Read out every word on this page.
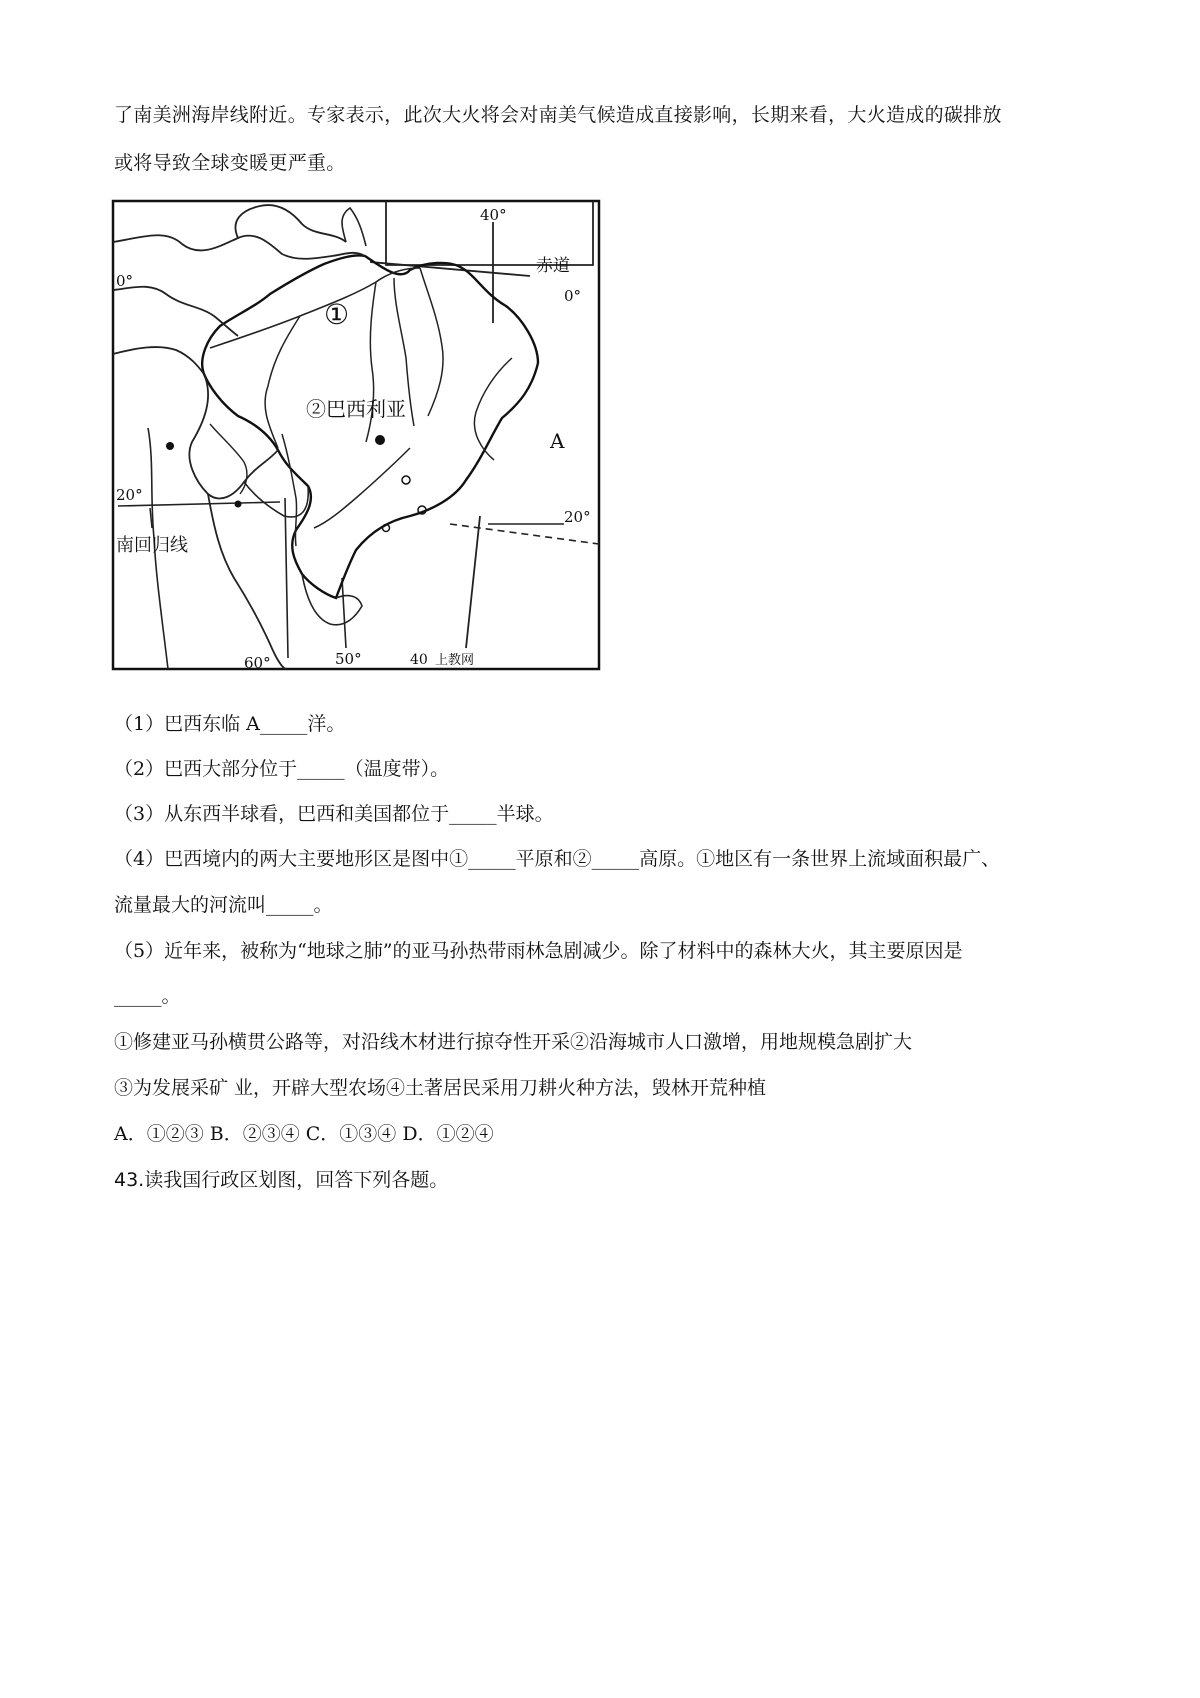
了南美洲海岸线附近。专家表示，此次大火将会对南美气候造成直接影响，长期来看，大火造成的碳排放
或将导致全球变暖更严重。
40°
赤道
0°
0°
①
②巴西利亚
A
20°
20°
南回归线
60°	50°	40 上教网
（1）巴西东临 A_____洋。
（2）巴西大部分位于_____（温度带）。
（3）从东西半球看，巴西和美国都位于_____半球。
（4）巴西境内的两大主要地形区是图中①_____平原和②_____高原。①地区有一条世界上流域面积最广、
流量最大的河流叫_____。
（5）近年来，被称为“地球之肺”的亚马孙热带雨林急剧减少。除了材料中的森林大火，其主要原因是
_____。
①修建亚马孙横贯公路等，对沿线木材进行掠夺性开采②沿海城市人口激增，用地规模急剧扩大
③为发展采矿 业，开辟大型农场④土著居民采用刀耕火种方法，毁林开荒种植
A．①②③ B．②③④ C．①③④ D．①②④
43.读我国行政区划图，回答下列各题。
